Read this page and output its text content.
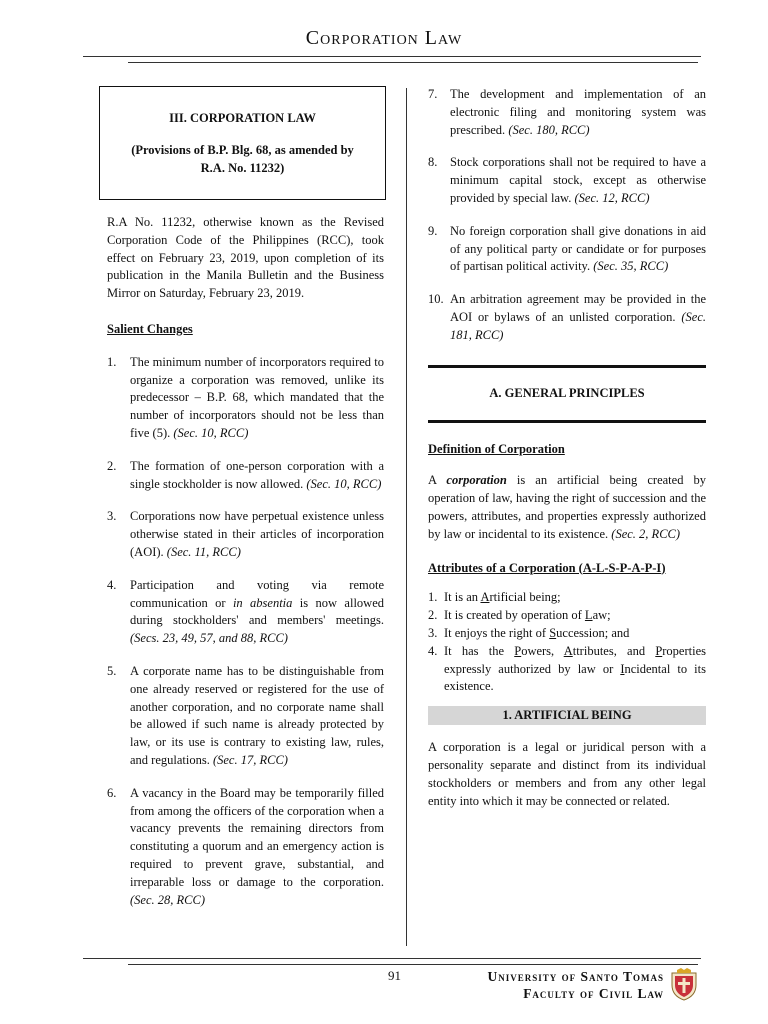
Corporation Law
III. CORPORATION LAW
(Provisions of B.P. Blg. 68, as amended by R.A. No. 11232)

R.A No. 11232, otherwise known as the Revised Corporation Code of the Philippines (RCC), took effect on February 23, 2019, upon completion of its publication in the Manila Bulletin and the Business Mirror on Saturday, February 23, 2019.

Salient Changes

1.	The minimum number of incorporators required to organize a corporation was removed, unlike its predecessor – B.P. 68, which mandated that the number of incorporators should not be less than five (5). (Sec. 10, RCC)
2.	The formation of one-person corporation with a single stockholder is now allowed. (Sec. 10, RCC)
3.	Corporations now have perpetual existence unless otherwise stated in their articles of incorporation (AOI). (Sec. 11, RCC)
4.	Participation and voting via remote communication or in absentia is now allowed during stockholders' and members' meetings. (Secs. 23, 49, 57, and 88, RCC)
5.	A corporate name has to be distinguishable from one already reserved or registered for the use of another corporation, and no corporate name shall be allowed if such name is already protected by law, or its use is contrary to existing law, rules, and regulations. (Sec. 17, RCC)
6.	A vacancy in the Board may be temporarily filled from among the officers of the corporation when a vacancy prevents the remaining directors from constituting a quorum and an emergency action is required to prevent grave, substantial, and irreparable loss or damage to the corporation. (Sec. 28, RCC)
7.	The development and implementation of an electronic filing and monitoring system was prescribed. (Sec. 180, RCC)
8.	Stock corporations shall not be required to have a minimum capital stock, except as otherwise provided by special law. (Sec. 12, RCC)
9.	No foreign corporation shall give donations in aid of any political party or candidate or for purposes of partisan political activity. (Sec. 35, RCC)
10. An arbitration agreement may be provided in the AOI or bylaws of an unlisted corporation. (Sec. 181, RCC)
A. GENERAL PRINCIPLES

Definition of Corporation

A corporation is an artificial being created by operation of law, having the right of succession and the powers, attributes, and properties expressly authorized by law or incidental to its existence. (Sec. 2, RCC)

Attributes of a Corporation (A-L-S-P-A-P-I)

1. It is an Artificial being;
2. It is created by operation of Law;
3. It enjoys the right of Succession; and
4. It has the Powers, Attributes, and Properties expressly authorized by law or Incidental to its existence.
1. ARTIFICIAL BEING

A corporation is a legal or juridical person with a personality separate and distinct from its individual stockholders or members and from any other legal entity into which it may be connected or related.

91	University of Santo Tomas
Faculty of Civil Law
